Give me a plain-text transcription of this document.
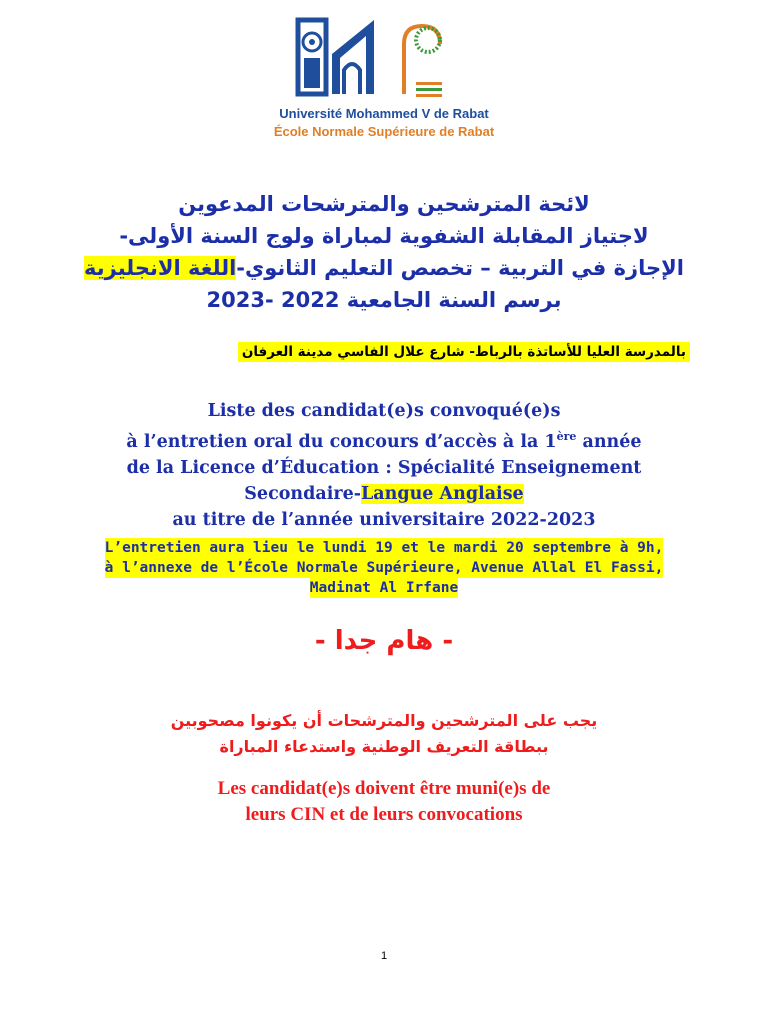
Université Mohammed V de Rabat
École Normale Supérieure de Rabat
لائحة المترشحين والمترشحات المدعوين
لاجتياز المقابلة الشفوية لمباراة ولوج السنة الأولى-
الإجازة في التربية – تخصص التعليم الثانوي-اللغة الانجليزية
برسم السنة الجامعية 2022 -2023
بالمدرسة العليا للأساتذة بالرباط- شارع علال الفاسي مدينة العرفان
Liste des candidat(e)s convoqué(e)s
à l’entretien oral du concours d’accès à la 1ère année
de la Licence d’Éducation : Spécialité Enseignement
Secondaire-Langue Anglaise
au titre de l’année universitaire 2022-2023
L’entretien aura lieu le lundi 19 et le mardi 20 septembre à 9h,
à l’annexe de l’École Normale Supérieure, Avenue Allal El Fassi,
Madinat Al Irfane
- هام جدا -
يجب على المترشحين والمترشحات أن يكونوا مصحوبين
ببطاقة التعريف الوطنية واستدعاء المباراة
Les candidat(e)s doivent être muni(e)s de
leurs CIN et de leurs convocations
1
